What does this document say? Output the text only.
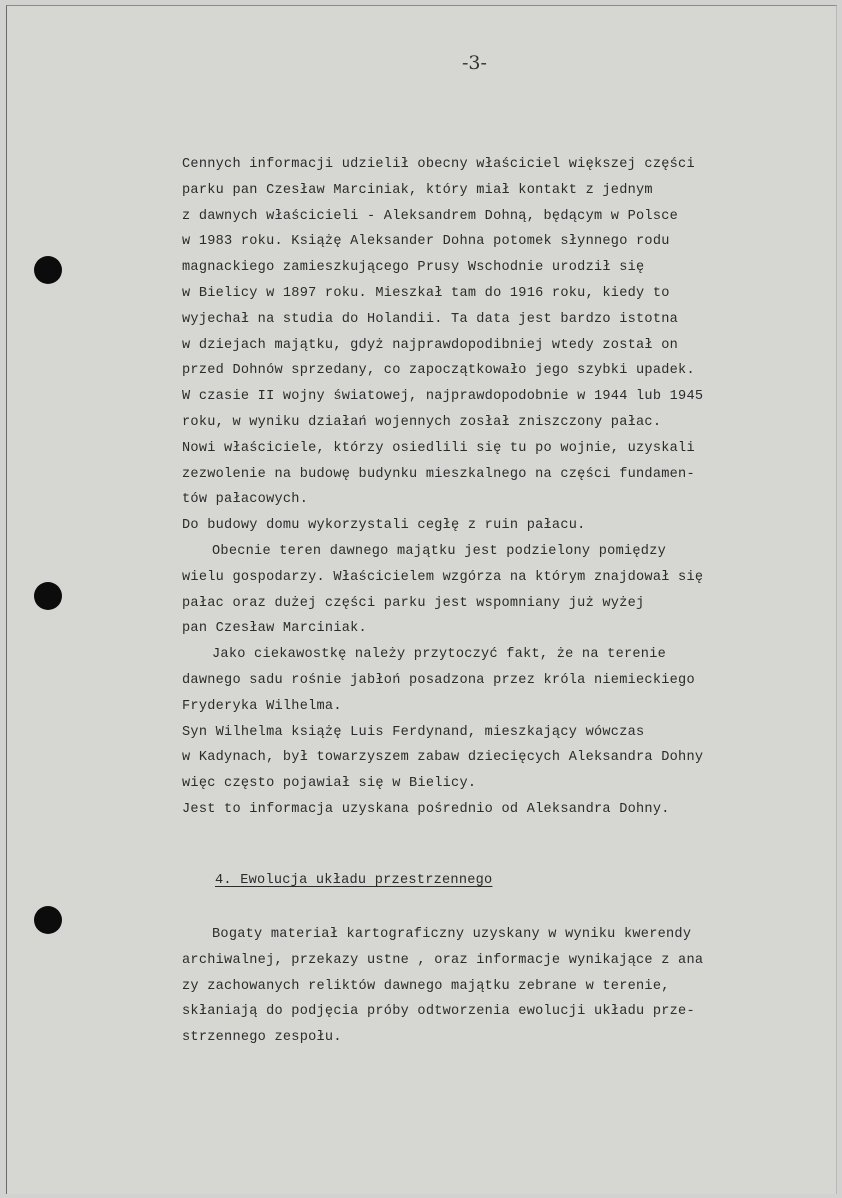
-3-
Cennych informacji udzielił obecny właściciel większej części
parku pan Czesław Marciniak, który miał kontakt z jednym
z dawnych właścicieli - Aleksandrem Dohną, będącym w Polsce
w 1983 roku. Książę Aleksander Dohna potomek słynnego rodu
magnackiego zamieszkującego Prusy Wschodnie urodził się
w Bielicy w 1897 roku. Mieszkał tam do 1916 roku, kiedy to
wyjechał na studia do Holandii. Ta data jest bardzo istotna
w dziejach majątku, gdyż najprawdopodibniej wtedy został on
przed Dohnów sprzedany, co zapoczątkowało jego szybki upadek.
W czasie II wojny światowej, najprawdopodobnie w 1944 lub 1945
roku, w wyniku działań wojennych zosłał zniszczony pałac.
Nowi właściciele, którzy osiedlili się tu po wojnie, uzyskali
zezwolenie na budowę budynku mieszkalnego na części fundamen-
tów pałacowych.
Do budowy domu wykorzystali cegłę z ruin pałacu.
Obecnie teren dawnego majątku jest podzielony pomiędzy
wielu gospodarzy. Właścicielem wzgórza na którym znajdował się
pałac oraz dużej części parku jest wspomniany już wyżej
pan Czesław Marciniak.
Jako ciekawostkę należy przytoczyć fakt, że na terenie
dawnego sadu rośnie jabłoń posadzona przez króla niemieckiego
Fryderyka Wilhelma.
Syn Wilhelma książę Luis Ferdynand, mieszkający wówczas
w Kadynach, był towarzyszem zabaw dziecięcych Aleksandra Dohny
więc często pojawiał się w Bielicy.
Jest to informacja uzyskana pośrednio od Aleksandra Dohny.
4. Ewolucja układu przestrzennego
Bogaty materiał kartograficzny uzyskany w wyniku kwerendy
archiwalnej, przekazy ustne , oraz informacje wynikające z ana
zy zachowanych reliktów dawnego majątku zebrane w terenie,
skłaniają do podjęcia próby odtworzenia ewolucji układu prze-
strzennego zespołu.
